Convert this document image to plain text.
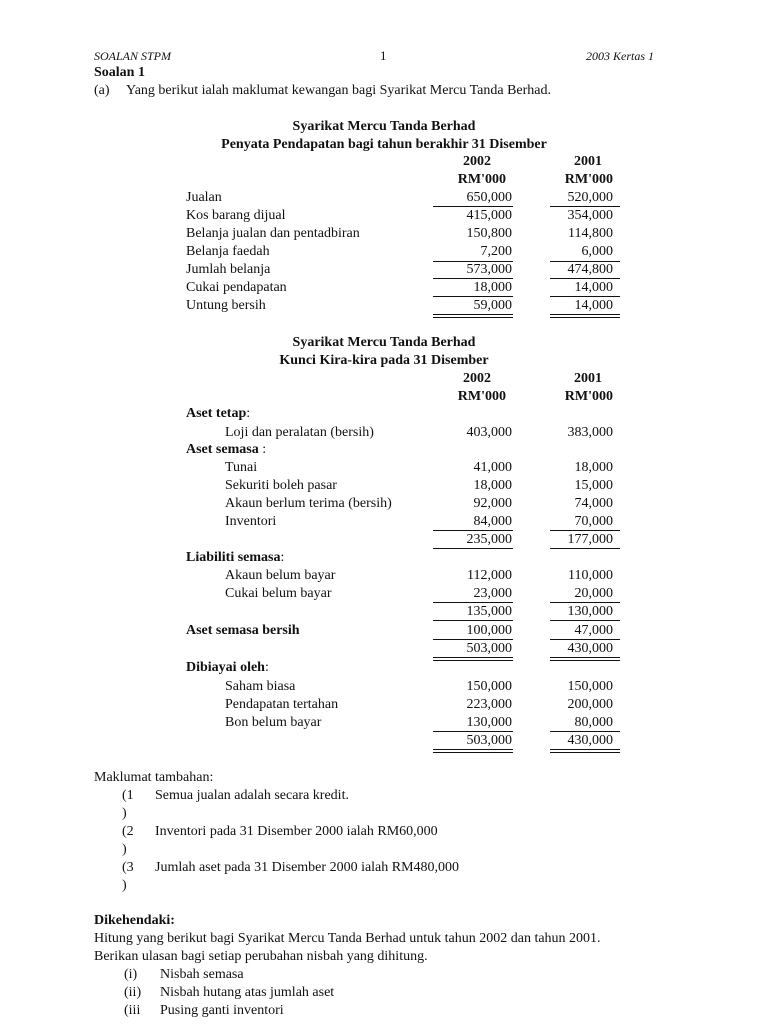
SOALAN STPM	1	2003 Kertas 1
Soalan 1
(a) Yang berikut ialah maklumat kewangan bagi Syarikat Mercu Tanda Berhad.
Syarikat Mercu Tanda Berhad
Penyata Pendapatan bagi tahun berakhir 31 Disember
2002	2001
RM'000	RM'000
Jualan	650,000	520,000
Kos barang dijual	415,000	354,000
Belanja jualan dan pentadbiran	150,800	114,800
Belanja faedah	7,200	6,000
Jumlah belanja	573,000	474,800
Cukai pendapatan	18,000	14,000
Untung bersih	59,000	14,000
Syarikat Mercu Tanda Berhad
Kunci Kira-kira pada 31 Disember
2002	2001
RM'000	RM'000
Aset tetap:
Loji dan peralatan (bersih)	403,000	383,000
Aset semasa :
Tunai	41,000	18,000
Sekuriti boleh pasar	18,000	15,000
Akaun berlum terima (bersih)	92,000	74,000
Inventori	84,000	70,000
235,000	177,000
Liabiliti semasa:
Akaun belum bayar	112,000	110,000
Cukai belum bayar	23,000	20,000
135,000	130,000
Aset semasa bersih	100,000	47,000
503,000	430,000
Dibiayai oleh:
Saham biasa	150,000	150,000
Pendapatan tertahan	223,000	200,000
Bon belum bayar	130,000	80,000
503,000	430,000
Maklumat tambahan:
(1 Semua jualan adalah secara kredit.
)
(2 Inventori pada 31 Disember 2000 ialah RM60,000
)
(3 Jumlah aset pada 31 Disember 2000 ialah RM480,000
)
Dikehendaki:
Hitung yang berikut bagi Syarikat Mercu Tanda Berhad untuk tahun 2002 dan tahun 2001.
Berikan ulasan bagi setiap perubahan nisbah yang dihitung.
(i) Nisbah semasa
(ii) Nisbah hutang atas jumlah aset
(iii Pusing ganti inventori
